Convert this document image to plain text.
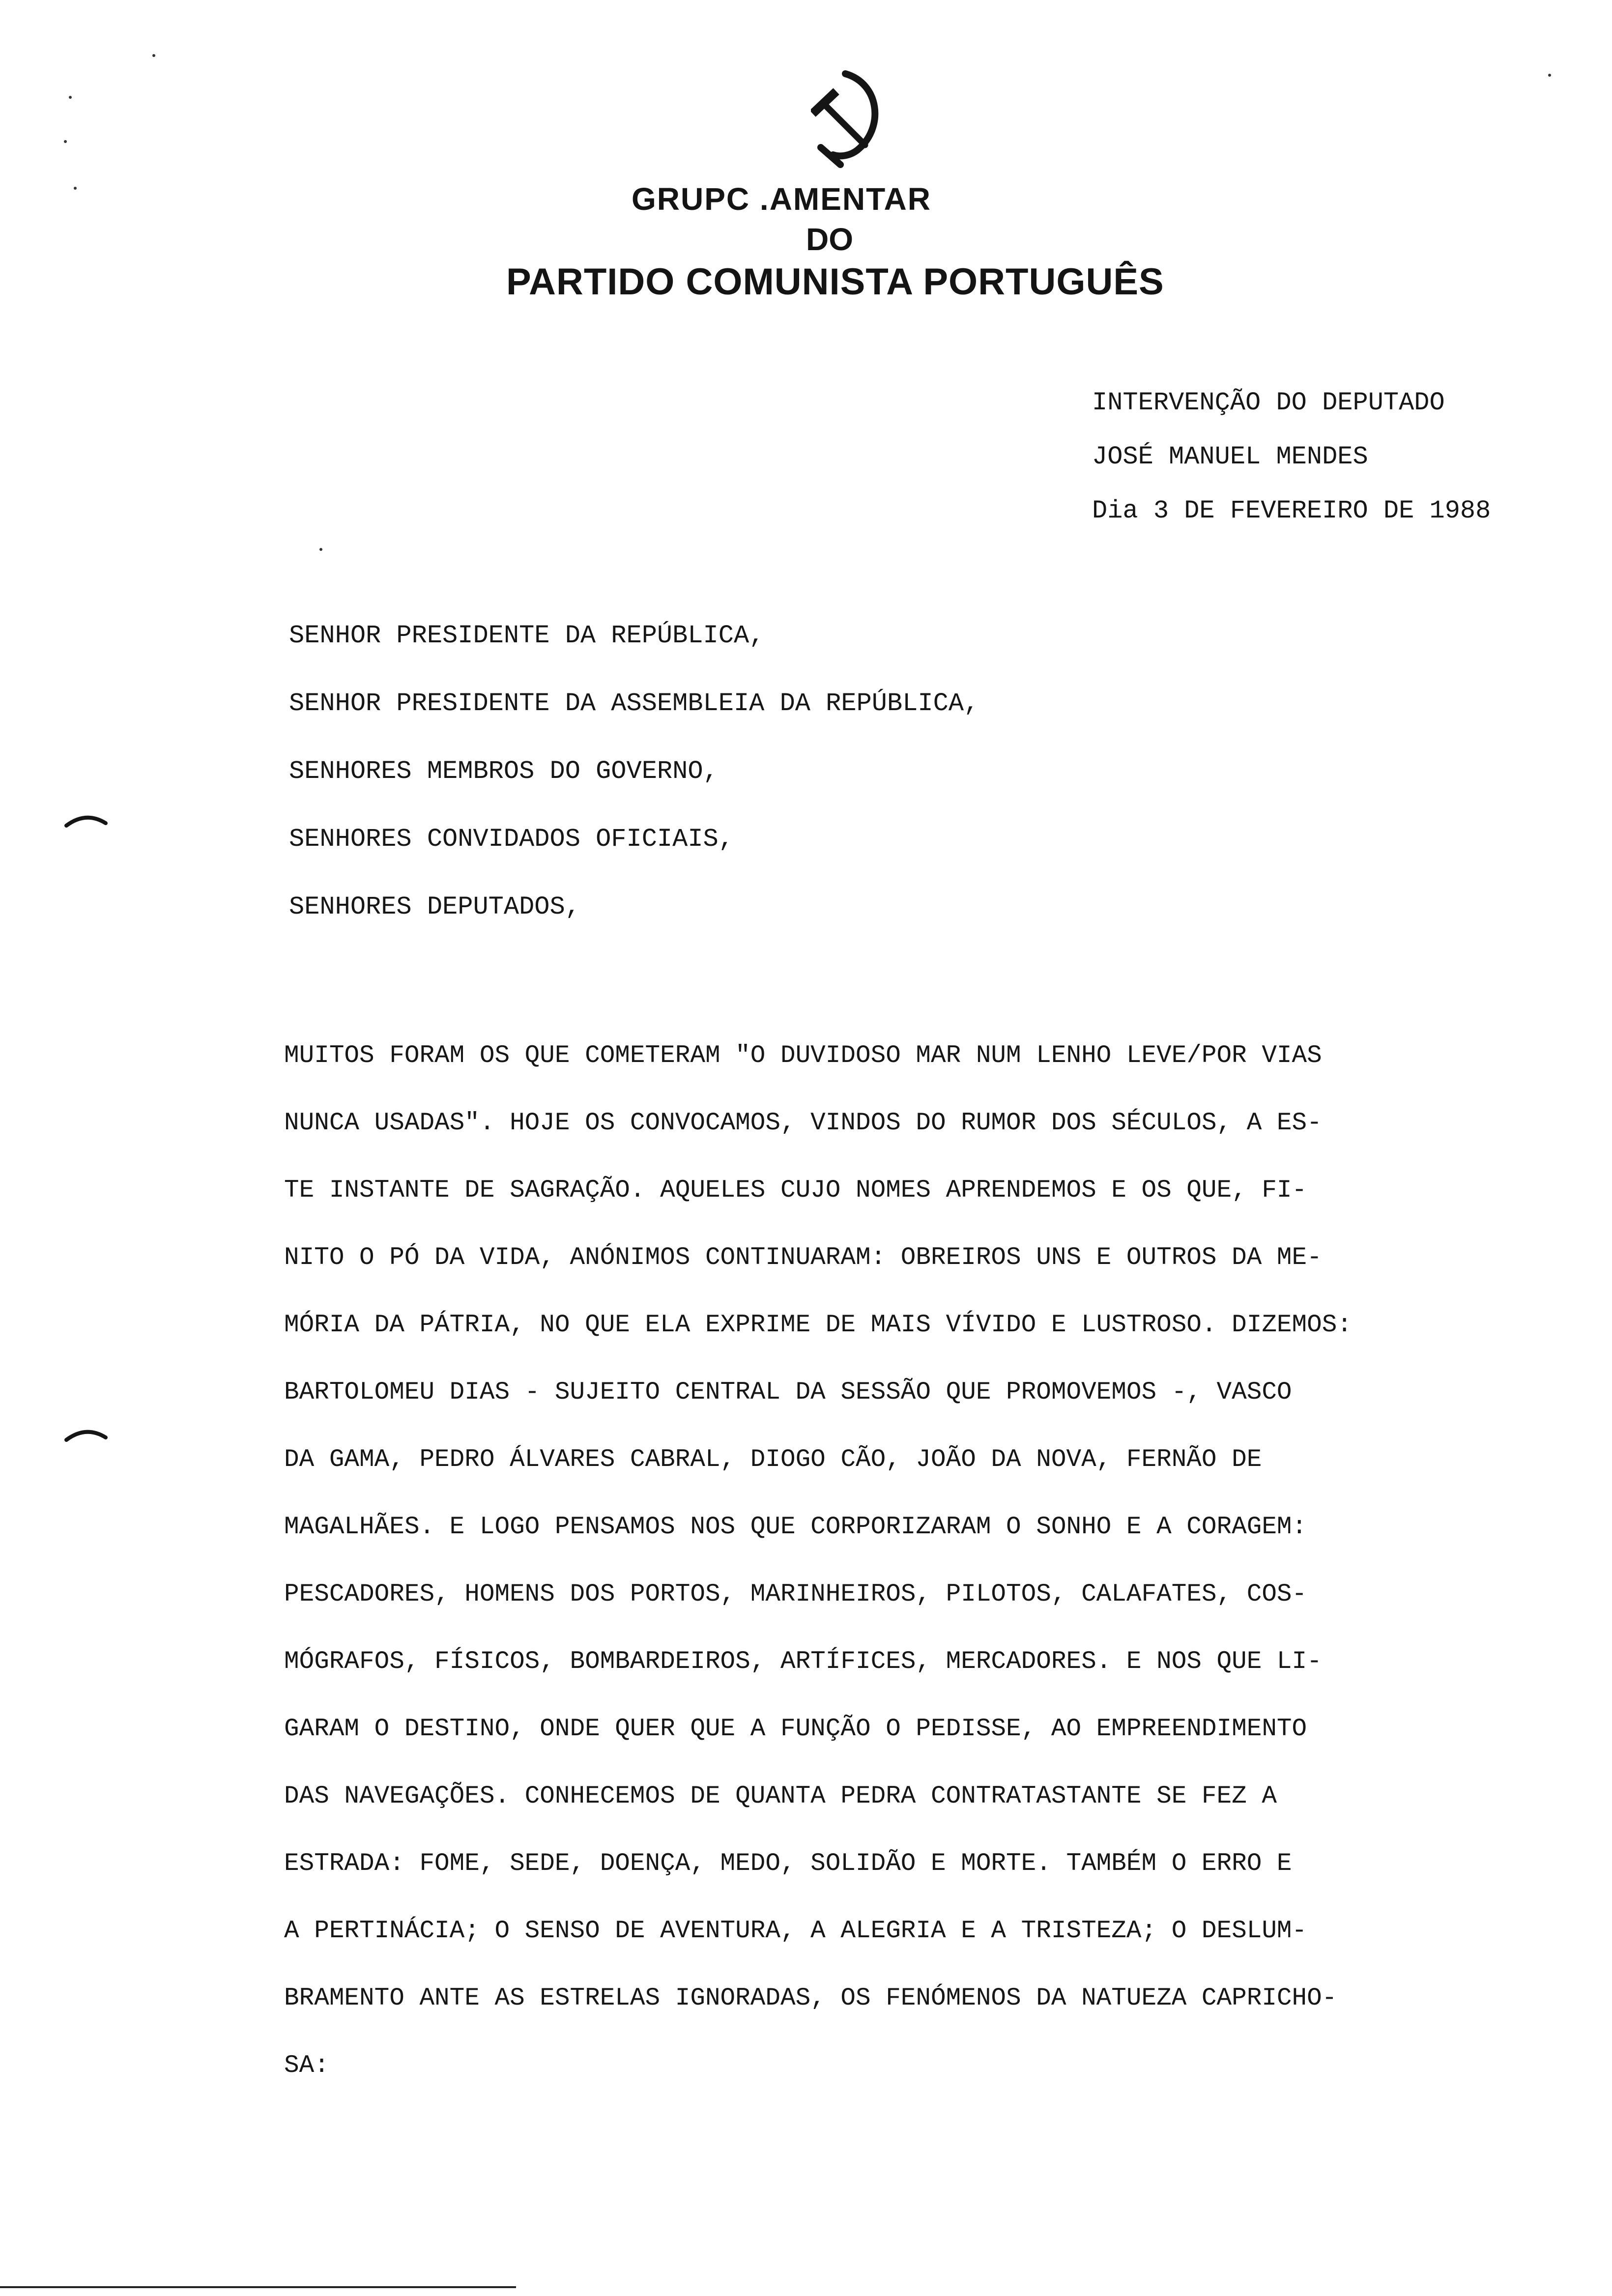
GRUPC .AMENTAR
DO
PARTIDO COMUNISTA PORTUGUÊS
INTERVENÇÃO DO DEPUTADO
JOSÉ MANUEL MENDES
Dia 3 DE FEVEREIRO DE 1988
SENHOR PRESIDENTE DA REPÚBLICA,
SENHOR PRESIDENTE DA ASSEMBLEIA DA REPÚBLICA,
SENHORES MEMBROS DO GOVERNO,
SENHORES CONVIDADOS OFICIAIS,
SENHORES DEPUTADOS,
MUITOS FORAM OS QUE COMETERAM "O DUVIDOSO MAR NUM LENHO LEVE/POR VIAS
NUNCA USADAS". HOJE OS CONVOCAMOS, VINDOS DO RUMOR DOS SÉCULOS, A ES-
TE INSTANTE DE SAGRAÇÃO. AQUELES CUJO NOMES APRENDEMOS E OS QUE, FI-
NITO O PÓ DA VIDA, ANÓNIMOS CONTINUARAM: OBREIROS UNS E OUTROS DA ME-
MÓRIA DA PÁTRIA, NO QUE ELA EXPRIME DE MAIS VÍVIDO E LUSTROSO. DIZEMOS:
BARTOLOMEU DIAS - SUJEITO CENTRAL DA SESSÃO QUE PROMOVEMOS -, VASCO
DA GAMA, PEDRO ÁLVARES CABRAL, DIOGO CÃO, JOÃO DA NOVA, FERNÃO DE
MAGALHÃES. E LOGO PENSAMOS NOS QUE CORPORIZARAM O SONHO E A CORAGEM:
PESCADORES, HOMENS DOS PORTOS, MARINHEIROS, PILOTOS, CALAFATES, COS-
MÓGRAFOS, FÍSICOS, BOMBARDEIROS, ARTÍFICES, MERCADORES. E NOS QUE LI-
GARAM O DESTINO, ONDE QUER QUE A FUNÇÃO O PEDISSE, AO EMPREENDIMENTO
DAS NAVEGAÇÕES. CONHECEMOS DE QUANTA PEDRA CONTRATASTANTE SE FEZ A
ESTRADA: FOME, SEDE, DOENÇA, MEDO, SOLIDÃO E MORTE. TAMBÉM O ERRO E
A PERTINÁCIA; O SENSO DE AVENTURA, A ALEGRIA E A TRISTEZA; O DESLUM-
BRAMENTO ANTE AS ESTRELAS IGNORADAS, OS FENÓMENOS DA NATUEZA CAPRICHO-
SA:
